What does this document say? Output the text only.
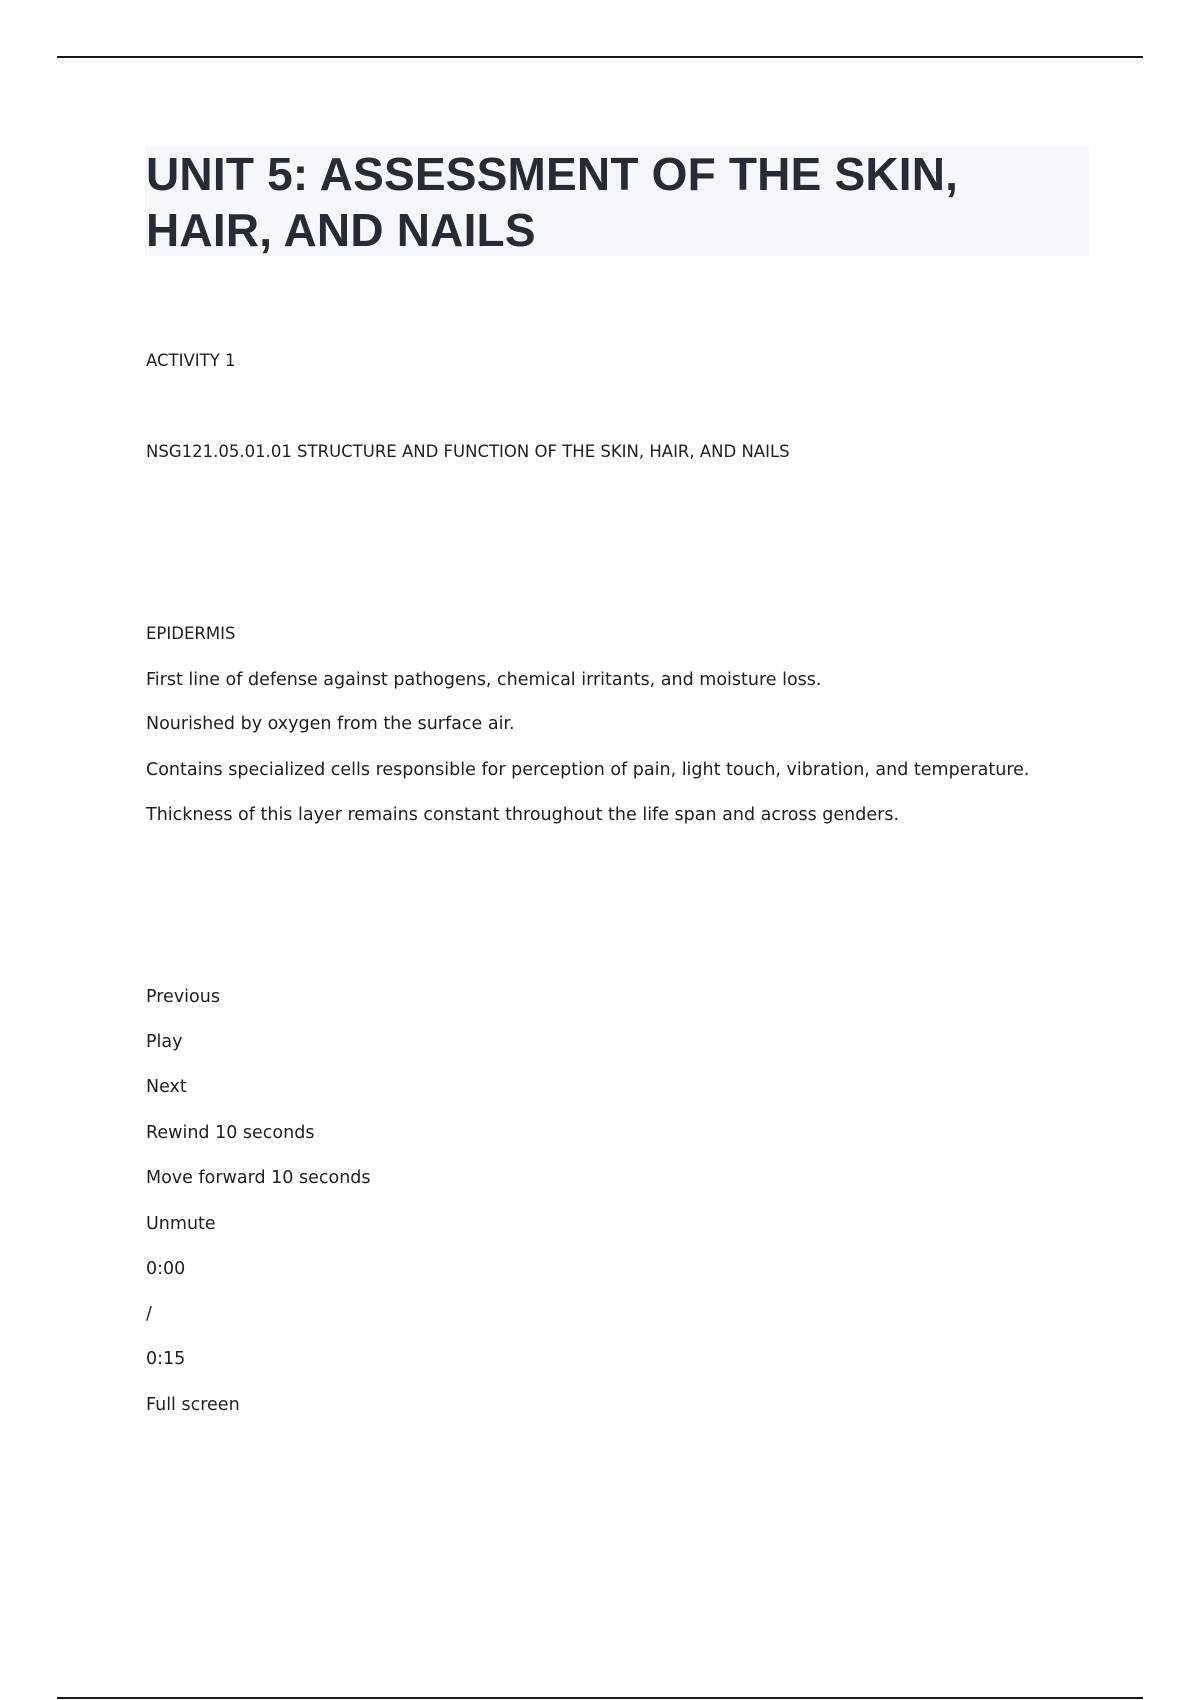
UNIT 5: ASSESSMENT OF THE SKIN,
HAIR, AND NAILS
ACTIVITY 1
NSG121.05.01.01 STRUCTURE AND FUNCTION OF THE SKIN, HAIR, AND NAILS
EPIDERMIS
First line of defense against pathogens, chemical irritants, and moisture loss.
Nourished by oxygen from the surface air.
Contains specialized cells responsible for perception of pain, light touch, vibration, and temperature.
Thickness of this layer remains constant throughout the life span and across genders.
Previous
Play
Next
Rewind 10 seconds
Move forward 10 seconds
Unmute
0:00
/
0:15
Full screen
